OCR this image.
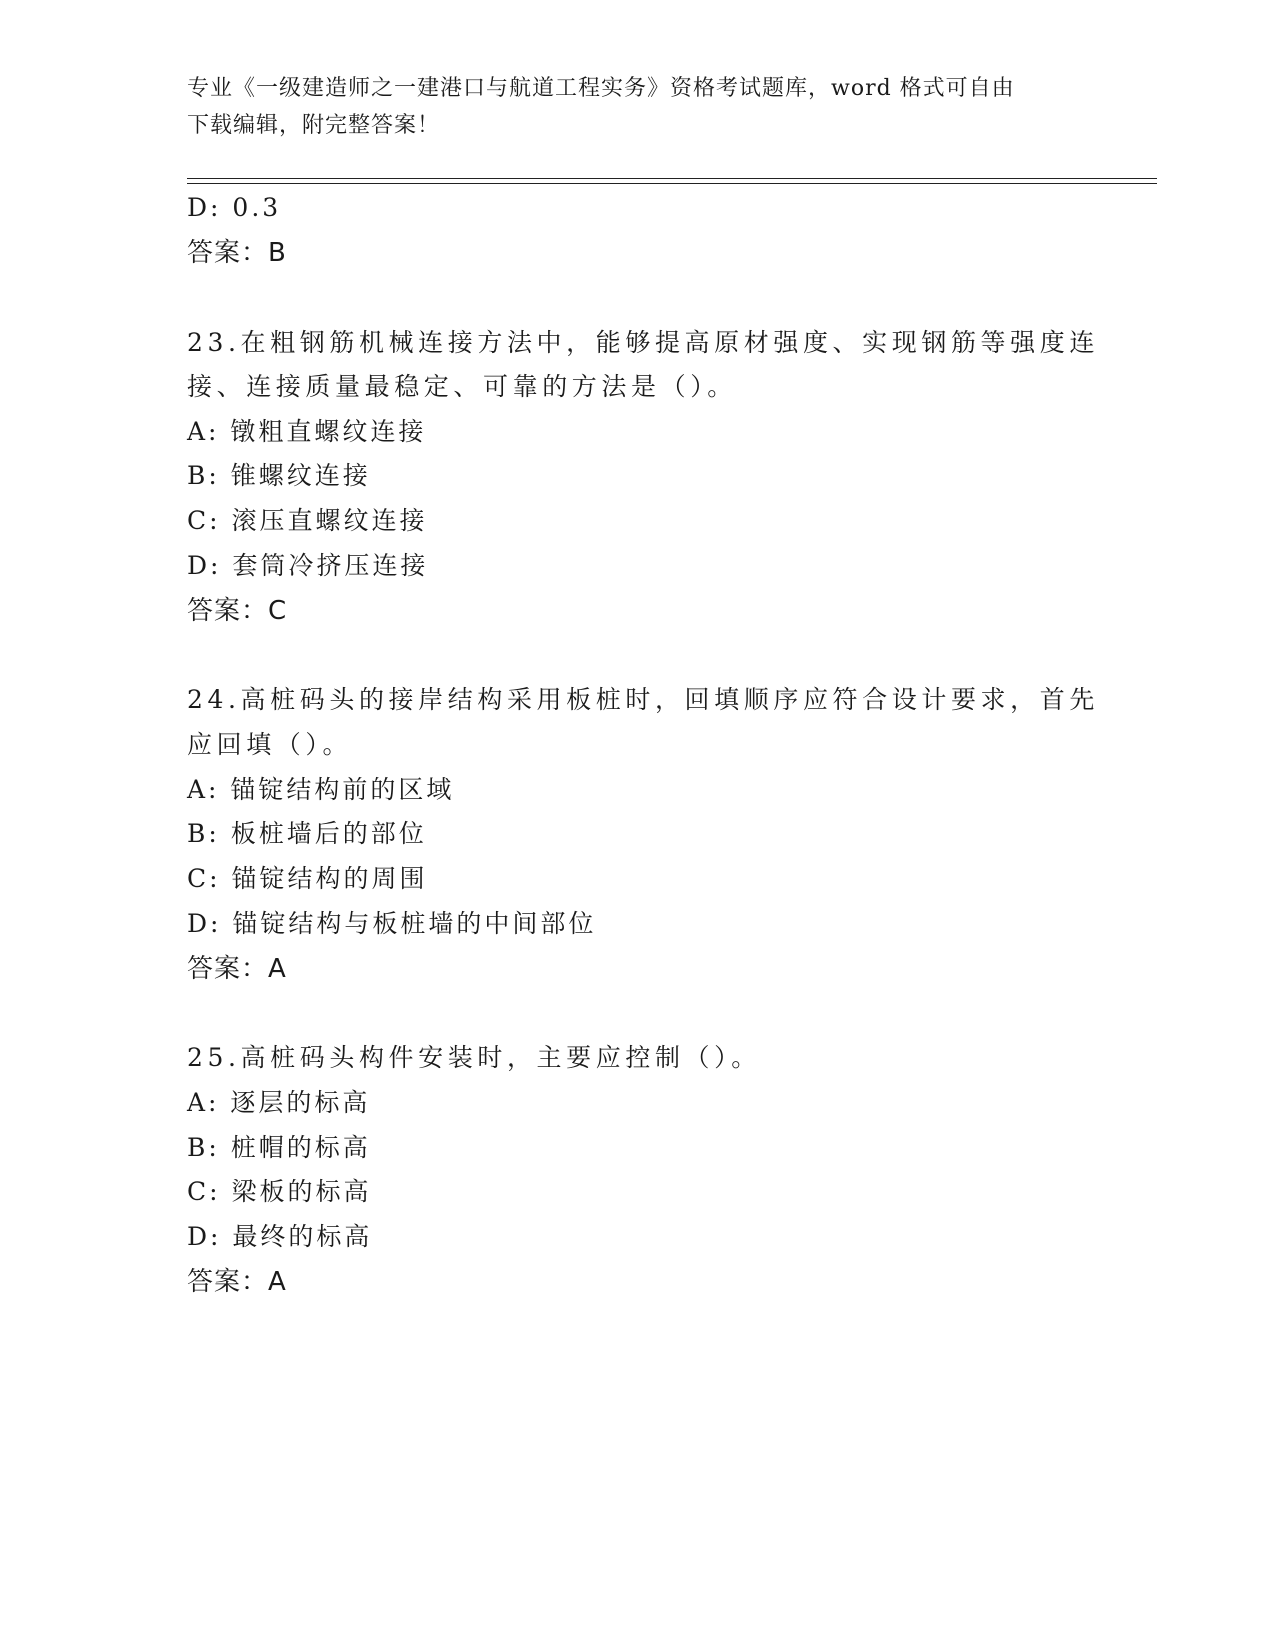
专业《一级建造师之一建港口与航道工程实务》资格考试题库，word 格式可自由
下载编辑，附完整答案！
D: 0.3
答案：B
23.在粗钢筋机械连接方法中，能够提高原材强度、实现钢筋等强度连
接、连接质量最稳定、可靠的方法是（）。
A: 镦粗直螺纹连接
B: 锥螺纹连接
C: 滚压直螺纹连接
D: 套筒冷挤压连接
答案：C
24.高桩码头的接岸结构采用板桩时，回填顺序应符合设计要求，首先
应回填（）。
A: 锚锭结构前的区域
B: 板桩墙后的部位
C: 锚锭结构的周围
D: 锚锭结构与板桩墙的中间部位
答案：A
25.高桩码头构件安装时，主要应控制（）。
A: 逐层的标高
B: 桩帽的标高
C: 梁板的标高
D: 最终的标高
答案：A
